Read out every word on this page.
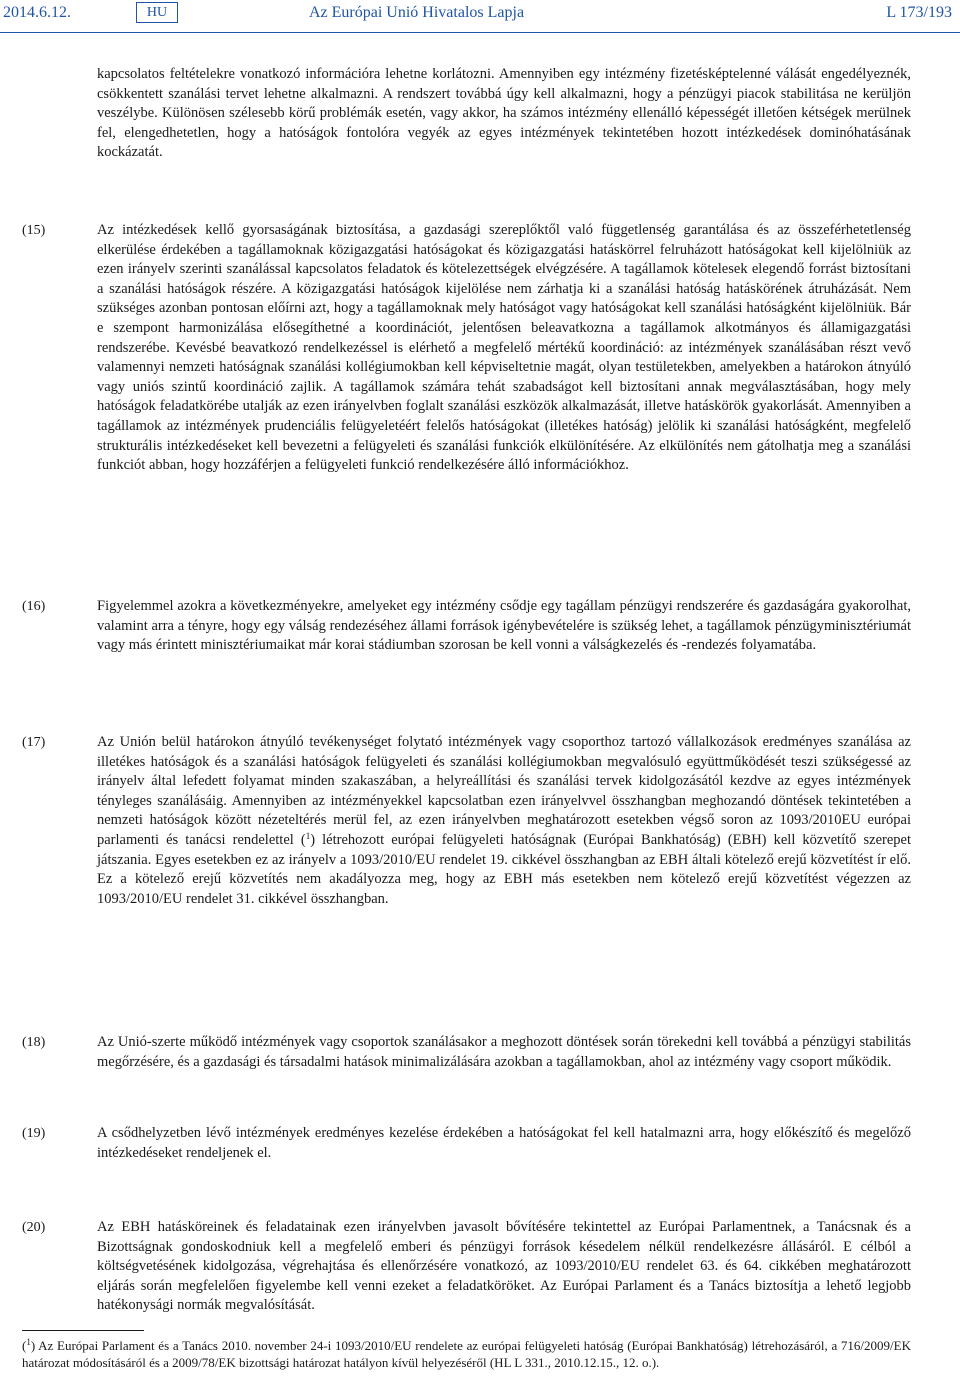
2014.6.12.	HU	Az Európai Unió Hivatalos Lapja	L 173/193

kapcsolatos feltételekre vonatkozó információra lehetne korlátozni. Amennyiben egy intézmény fizetésképtelenné válását engedélyeznék, csökkentett szanálási tervet lehetne alkalmazni. A rendszert továbbá úgy kell alkalmazni, hogy a pénzügyi piacok stabilitása ne kerüljön veszélybe. Különösen szélesebb körű problémák esetén, vagy akkor, ha számos intézmény ellenálló képességét illetően kétségek merülnek fel, elengedhetetlen, hogy a hatóságok fontolóra vegyék az egyes intézmények tekintetében hozott intézkedések dominóhatásának kockázatát.

(15)	Az intézkedések kellő gyorsaságának biztosítása, a gazdasági szereplőktől való függetlenség garantálása és az összeférhetetlenség elkerülése érdekében a tagállamoknak közigazgatási hatóságokat és közigazgatási hatáskörrel felruházott hatóságokat kell kijelölniük az ezen irányelv szerinti szanálással kapcsolatos feladatok és kötelezettségek elvégzésére. A tagállamok kötelesek elegendő forrást biztosítani a szanálási hatóságok részére. A közigazgatási hatóságok kijelölése nem zárhatja ki a szanálási hatóság hatáskörének átruházását. Nem szükséges azonban pontosan előírni azt, hogy a tagállamoknak mely hatóságot vagy hatóságokat kell szanálási hatóságként kijelölniük. Bár e szempont harmonizálása elősegíthetné a koordinációt, jelentősen beleavatkozna a tagállamok alkotmányos és államigazgatási rendszerébe. Kevésbé beavatkozó rendelkezéssel is elérhető a megfelelő mértékű koordináció: az intézmények szanálásában részt vevő valamennyi nemzeti hatóságnak szanálási kollégiumokban kell képviseltetnie magát, olyan testületekben, amelyekben a határokon átnyúló vagy uniós szintű koordináció zajlik. A tagállamok számára tehát szabadságot kell biztosítani annak megválasztásában, hogy mely hatóságok feladatkörébe utalják az ezen irányelvben foglalt szanálási eszközök alkalmazását, illetve hatáskörök gyakorlását. Amennyiben a tagállamok az intézmények prudenciális felügyeletéért felelős hatóságokat (illetékes hatóság) jelölik ki szanálási hatóságként, megfelelő strukturális intézkedéseket kell bevezetni a felügyeleti és szanálási funkciók elkülönítésére. Az elkülönítés nem gátolhatja meg a szanálási funkciót abban, hogy hozzáférjen a felügyeleti funkció rendelkezésére álló információkhoz.

(16)	Figyelemmel azokra a következményekre, amelyeket egy intézmény csődje egy tagállam pénzügyi rendszerére és gazdaságára gyakorolhat, valamint arra a tényre, hogy egy válság rendezéséhez állami források igénybevételére is szükség lehet, a tagállamok pénzügyminisztériumát vagy más érintett minisztériumaikat már korai stádiumban szorosan be kell vonni a válságkezelés és -rendezés folyamatába.

(17)	Az Unión belül határokon átnyúló tevékenységet folytató intézmények vagy csoporthoz tartozó vállalkozások eredményes szanálása az illetékes hatóságok és a szanálási hatóságok felügyeleti és szanálási kollégiumokban megvalósuló együttműködését teszi szükségessé az irányelv által lefedett folyamat minden szakaszában, a helyreállítási és szanálási tervek kidolgozásától kezdve az egyes intézmények tényleges szanálásáig. Amennyiben az intézményekkel kapcsolatban ezen irányelvvel összhangban meghozandó döntések tekintetében a nemzeti hatóságok között nézeteltérés merül fel, az ezen irányelvben meghatározott esetekben végső soron az 1093/2010EU európai parlamenti és tanácsi rendelettel ($^1$) létrehozott európai felügyeleti hatóságnak (Európai Bankhatóság) (EBH) kell közvetítő szerepet játszania. Egyes esetekben ez az irányelv a 1093/2010/EU rendelet 19. cikkével összhangban az EBH általi kötelező erejű közvetítést ír elő. Ez a kötelező erejű közvetítés nem akadályozza meg, hogy az EBH más esetekben nem kötelező erejű közvetítést végezzen az 1093/2010/EU rendelet 31. cikkével összhangban.

(18)	Az Unió-szerte működő intézmények vagy csoportok szanálásakor a meghozott döntések során törekedni kell továbbá a pénzügyi stabilitás megőrzésére, és a gazdasági és társadalmi hatások minimalizálására azokban a tagállamokban, ahol az intézmény vagy csoport működik.

(19)	A csődhelyzetben lévő intézmények eredményes kezelése érdekében a hatóságokat fel kell hatalmazni arra, hogy előkészítő és megelőző intézkedéseket rendeljenek el.

(20)	Az EBH hatásköreinek és feladatainak ezen irányelvben javasolt bővítésére tekintettel az Európai Parlamentnek, a Tanácsnak és a Bizottságnak gondoskodniuk kell a megfelelő emberi és pénzügyi források késedelem nélkül rendelkezésre állásáról. E célból a költségvetésének kidolgozása, végrehajtása és ellenőrzésére vonatkozó, az 1093/2010/EU rendelet 63. és 64. cikkében meghatározott eljárás során megfelelően figyelembe kell venni ezeket a feladatköröket. Az Európai Parlament és a Tanács biztosítja a lehető legjobb hatékonysági normák megvalósítását.

($^1$) Az Európai Parlament és a Tanács 2010. november 24-i 1093/2010/EU rendelete az európai felügyeleti hatóság (Európai Bankhatóság) létrehozásáról, a 716/2009/EK határozat módosításáról és a 2009/78/EK bizottsági határozat hatályon kívül helyezéséről (HL L 331., 2010.12.15., 12. o.).
